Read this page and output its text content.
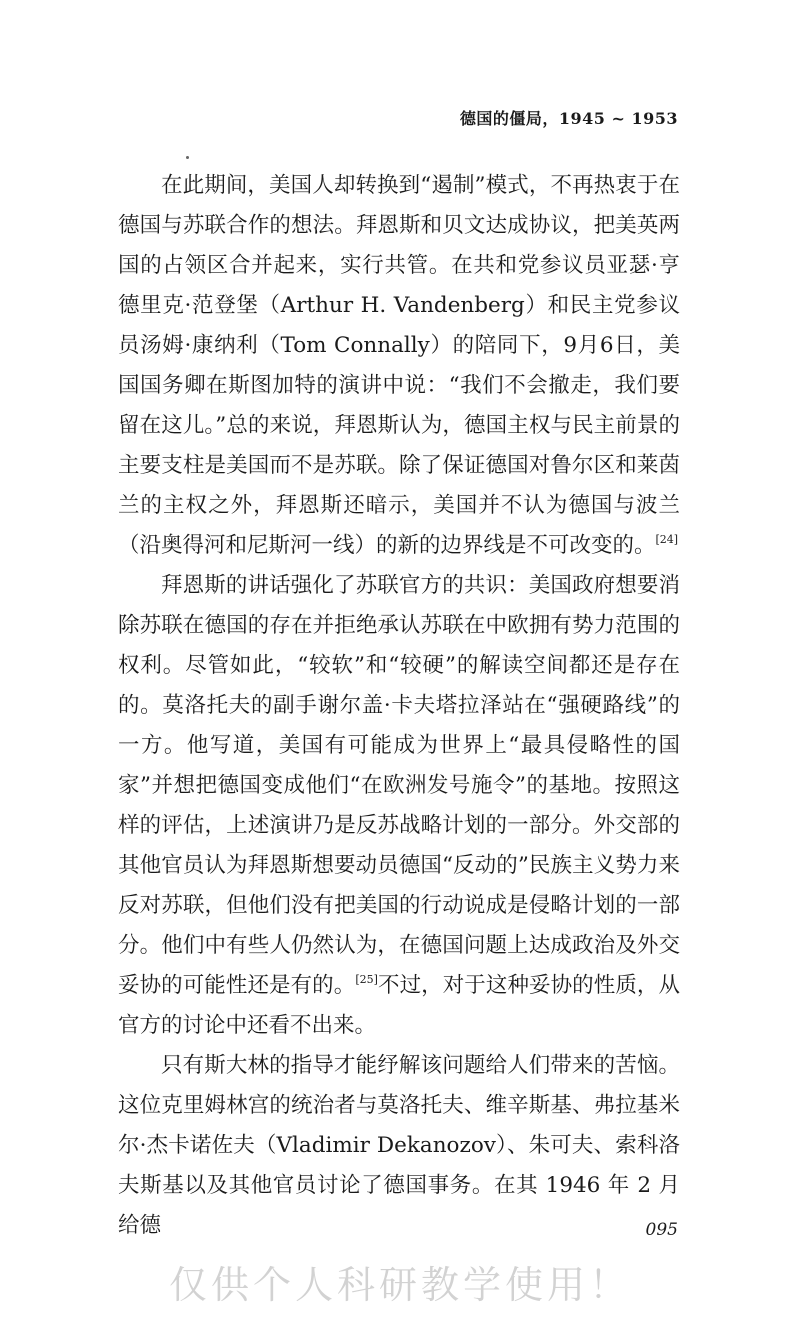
德国的僵局，1945 ~ 1953

在此期间，美国人却转换到“遏制”模式，不再热衷于在德国与苏联合作的想法。拜恩斯和贝文达成协议，把美英两国的占领区合并起来，实行共管。在共和党参议员亚瑟·亨德里克·范登堡（Arthur H. Vandenberg）和民主党参议员汤姆·康纳利（Tom Connally）的陪同下，9月6日，美国国务卿在斯图加特的演讲中说：“我们不会撤走，我们要留在这儿。”总的来说，拜恩斯认为，德国主权与民主前景的主要支柱是美国而不是苏联。除了保证德国对鲁尔区和莱茵兰的主权之外，拜恩斯还暗示，美国并不认为德国与波兰（沿奥得河和尼斯河一线）的新的边界线是不可改变的。[24]

拜恩斯的讲话强化了苏联官方的共识：美国政府想要消除苏联在德国的存在并拒绝承认苏联在中欧拥有势力范围的权利。尽管如此，“较软”和“较硬”的解读空间都还是存在的。莫洛托夫的副手谢尔盖·卡夫塔拉泽站在“强硬路线”的一方。他写道，美国有可能成为世界上“最具侵略性的国家”并想把德国变成他们“在欧洲发号施令”的基地。按照这样的评估，上述演讲乃是反苏战略计划的一部分。外交部的其他官员认为拜恩斯想要动员德国“反动的”民族主义势力来反对苏联，但他们没有把美国的行动说成是侵略计划的一部分。他们中有些人仍然认为，在德国问题上达成政治及外交妥协的可能性还是有的。[25]不过，对于这种妥协的性质，从官方的讨论中还看不出来。

只有斯大林的指导才能纾解该问题给人们带来的苦恼。这位克里姆林宫的统治者与莫洛托夫、维辛斯基、弗拉基米尔·杰卡诺佐夫（Vladimir Dekanozov）、朱可夫、索科洛夫斯基以及其他官员讨论了德国事务。在其 1946 年 2 月给德	095
仅供个人科研教学使用！
